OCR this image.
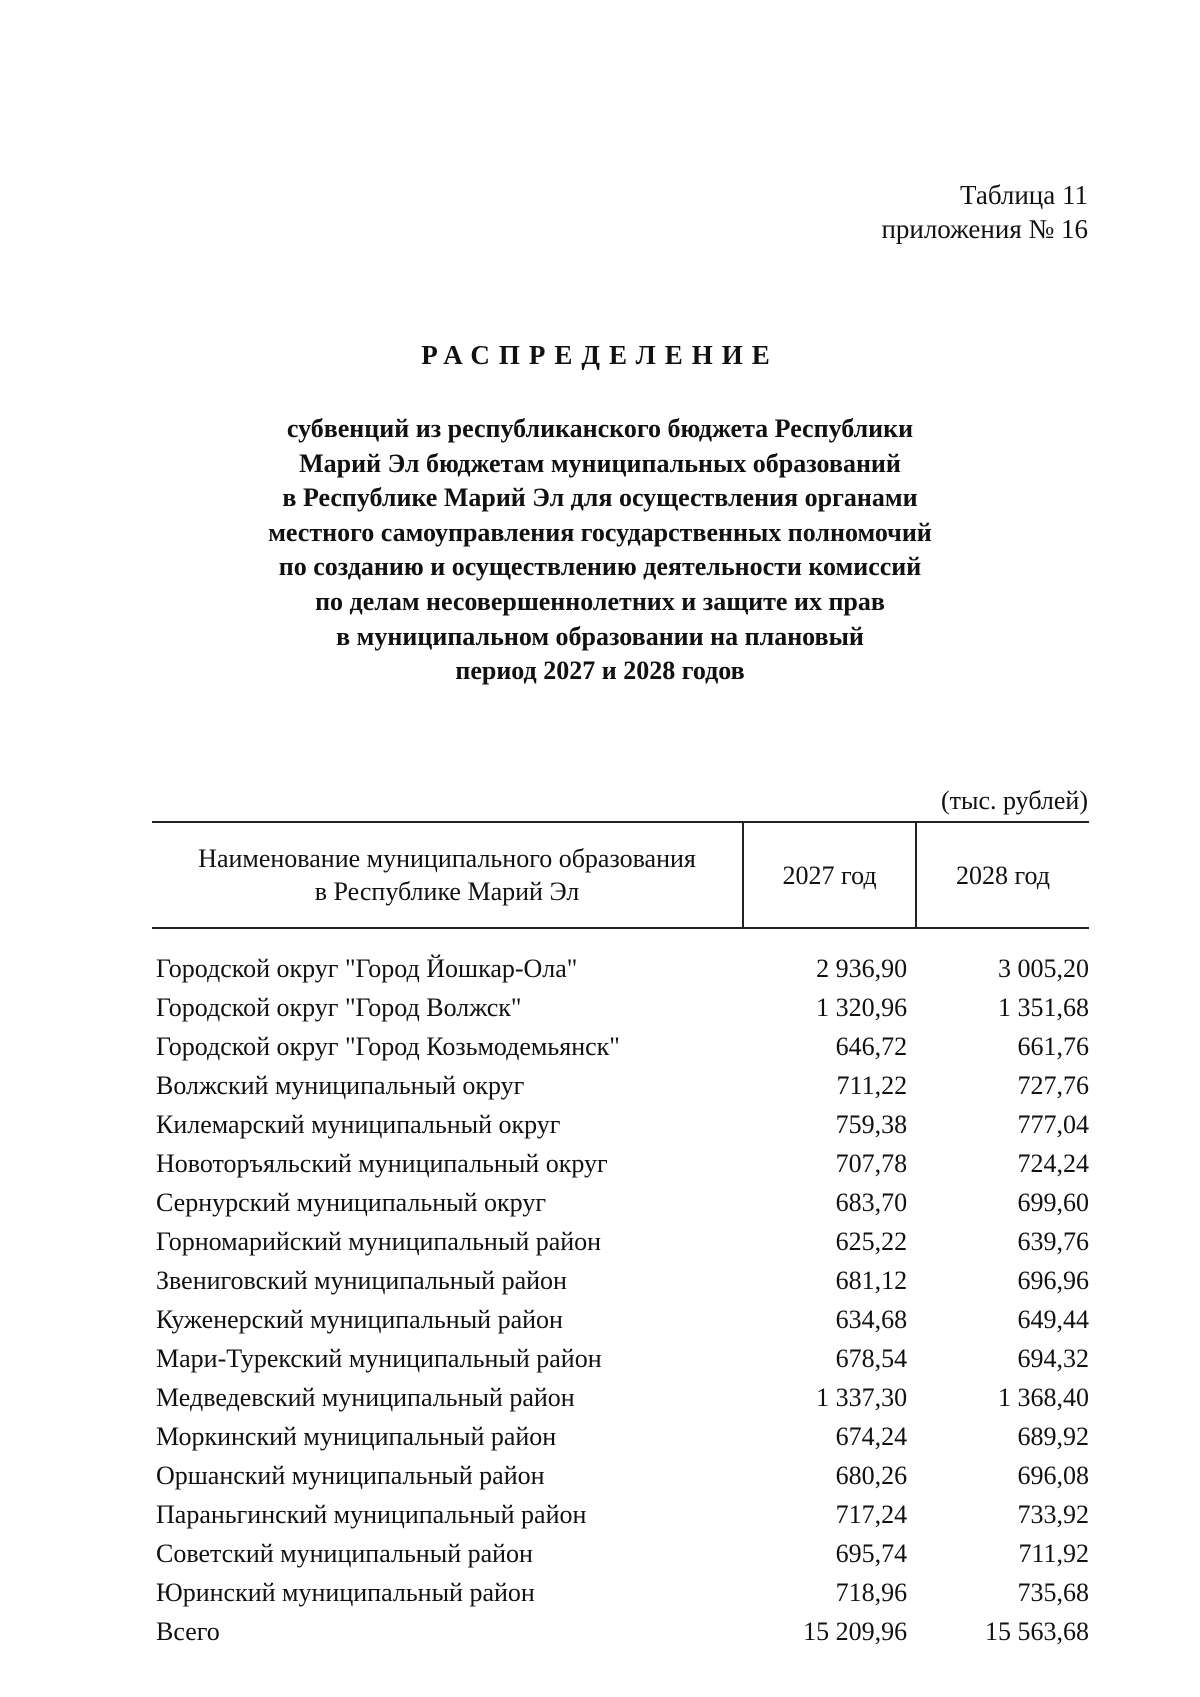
Таблица 11
приложения № 16
РАСПРЕДЕЛЕНИЕ
субвенций из республиканского бюджета Республики
Марий Эл бюджетам муниципальных образований
в Республике Марий Эл для осуществления органами
местного самоуправления государственных полномочий
по созданию и осуществлению деятельности комиссий
по делам несовершеннолетних и защите их прав
в муниципальном образовании на плановый
период 2027 и 2028 годов
(тыс. рублей)
Наименование муниципального образования
в Республике Марий Эл	2027 год	2028 год

Городской округ "Город Йошкар-Ола"	2 936,90	3 005,20
Городской округ "Город Волжск"	1 320,96	1 351,68
Городской округ "Город Козьмодемьянск"	646,72	661,76
Волжский муниципальный округ	711,22	727,76
Килемарский муниципальный округ	759,38	777,04
Новоторъяльский муниципальный округ	707,78	724,24
Сернурский муниципальный округ	683,70	699,60
Горномарийский муниципальный район	625,22	639,76
Звениговский муниципальный район	681,12	696,96
Куженерский муниципальный район	634,68	649,44
Мари-Турекский муниципальный район	678,54	694,32
Медведевский муниципальный район	1 337,30	1 368,40
Моркинский муниципальный район	674,24	689,92
Оршанский муниципальный район	680,26	696,08
Параньгинский муниципальный район	717,24	733,92
Советский муниципальный район	695,74	711,92
Юринский муниципальный район	718,96	735,68
Всего	15 209,96	15 563,68
